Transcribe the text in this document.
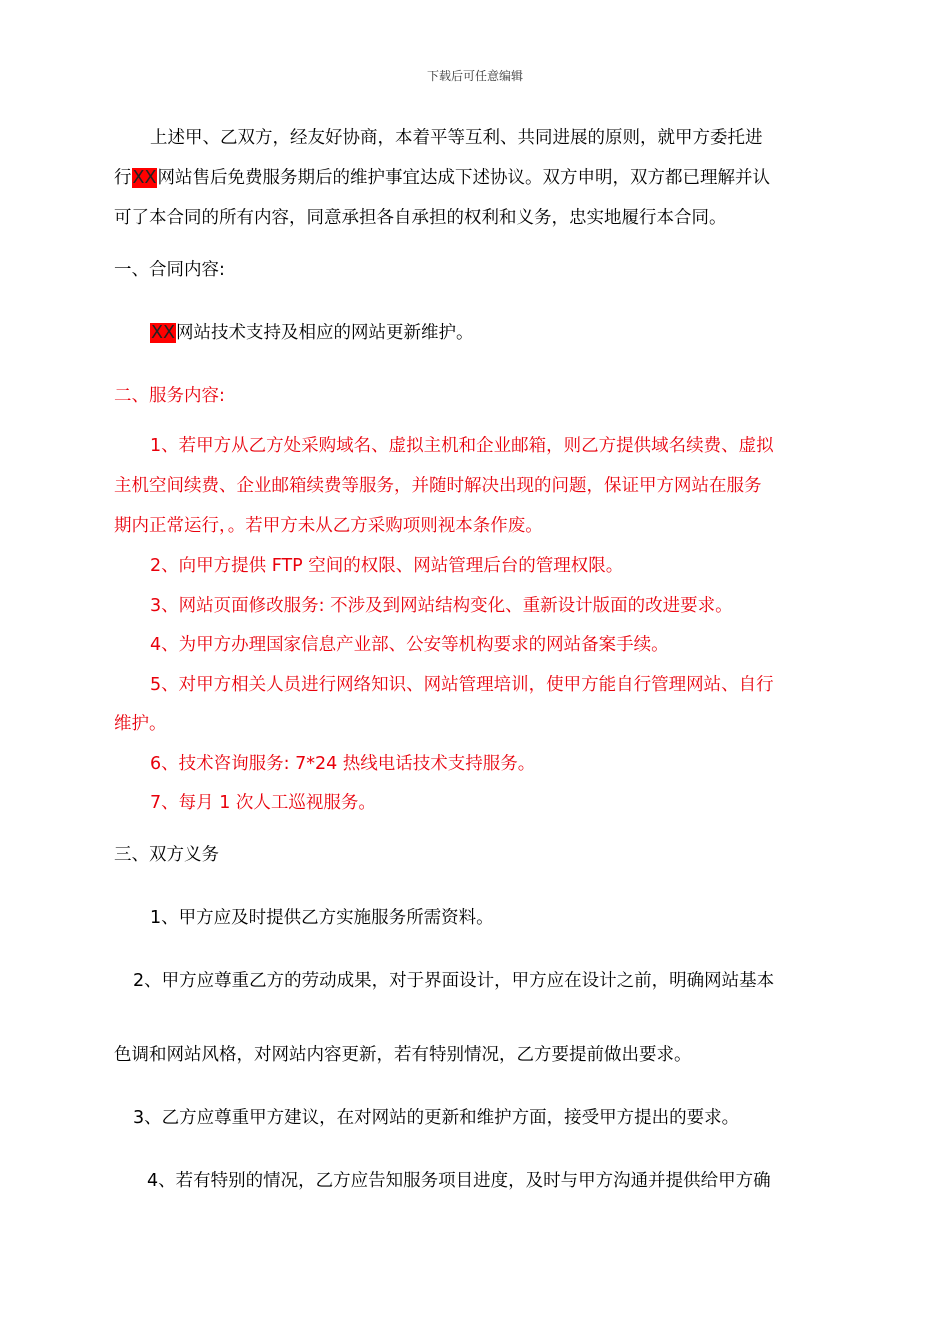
下载后可任意编辑
上述甲、乙双方，经友好协商，本着平等互利、共同进展的原则，就甲方委托进
行XX网站售后免费服务期后的维护事宜达成下述协议。双方申明，双方都已理解并认
可了本合同的所有内容，同意承担各自承担的权利和义务，忠实地履行本合同。
一、合同内容:
XX网站技术支持及相应的网站更新维护。
二、服务内容:
1、若甲方从乙方处采购域名、虚拟主机和企业邮箱，则乙方提供域名续费、虚拟
主机空间续费、企业邮箱续费等服务，并随时解决出现的问题，保证甲方网站在服务
期内正常运行，。若甲方未从乙方采购项则视本条作废。
2、向甲方提供 FTP 空间的权限、网站管理后台的管理权限。
3、网站页面修改服务: 不涉及到网站结构变化、重新设计版面的改进要求。
4、为甲方办理国家信息产业部、公安等机构要求的网站备案手续。
5、对甲方相关人员进行网络知识、网站管理培训，使甲方能自行管理网站、自行
维护。
6、技术咨询服务: 7*24 热线电话技术支持服务。
7、每月 1 次人工巡视服务。
三、双方义务
1、甲方应及时提供乙方实施服务所需资料。
2、甲方应尊重乙方的劳动成果，对于界面设计，甲方应在设计之前，明确网站基本
色调和网站风格，对网站内容更新，若有特别情况，乙方要提前做出要求。
3、乙方应尊重甲方建议，在对网站的更新和维护方面，接受甲方提出的要求。
4、若有特别的情况，乙方应告知服务项目进度，及时与甲方沟通并提供给甲方确
